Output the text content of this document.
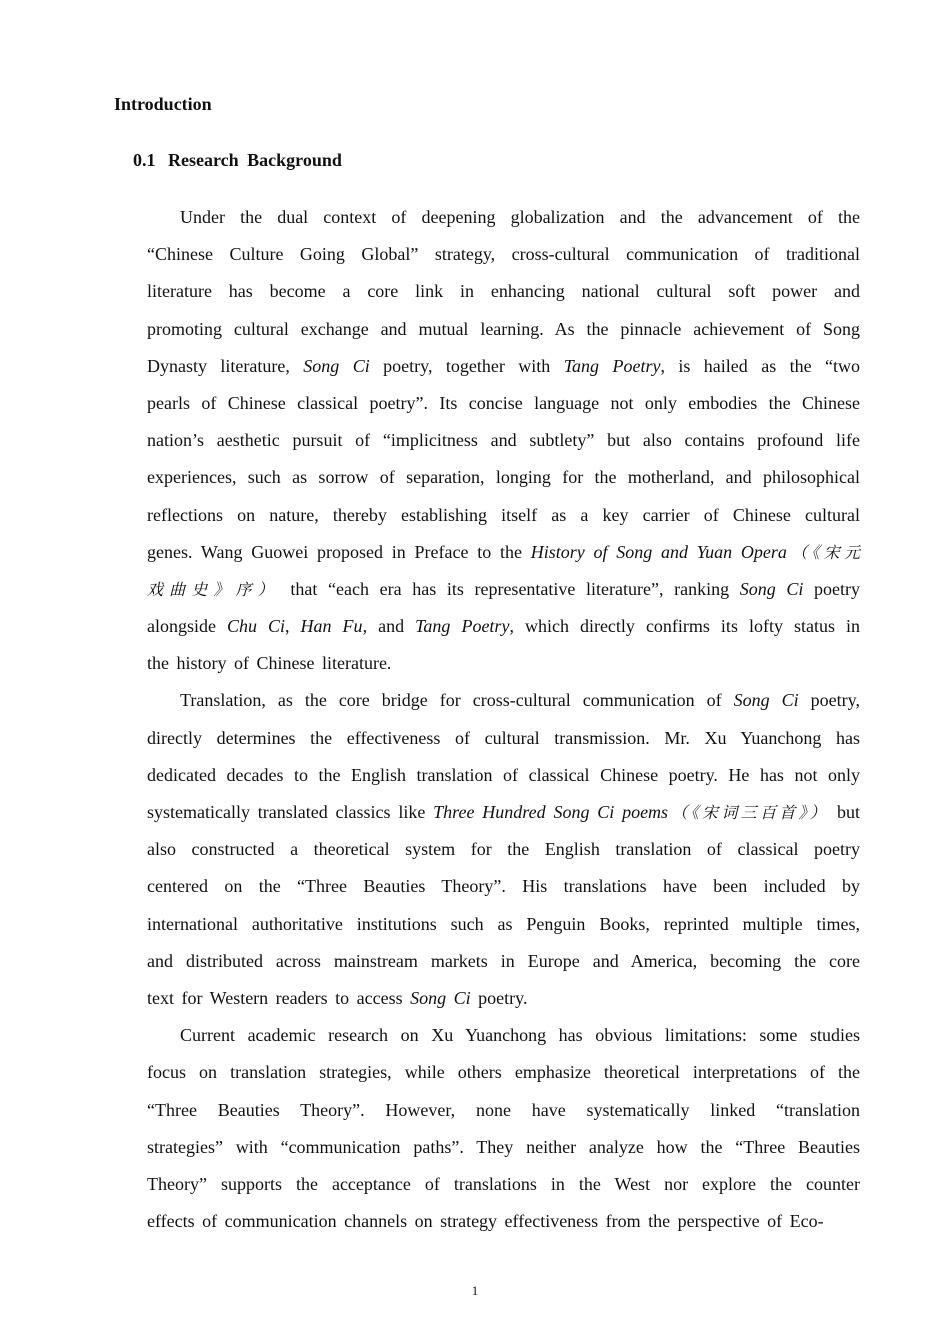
Introduction
0.1 Research Background
Under the dual context of deepening globalization and the advancement of the
“Chinese Culture Going Global” strategy, cross-cultural communication of traditional
literature has become a core link in enhancing national cultural soft power and
promoting cultural exchange and mutual learning. As the pinnacle achievement of Song
Dynasty literature, Song Ci poetry, together with Tang Poetry, is hailed as the “two
pearls of Chinese classical poetry”. Its concise language not only embodies the Chinese
nation’s aesthetic pursuit of “implicitness and subtlety” but also contains profound life
experiences, such as sorrow of separation, longing for the motherland, and philosophical
reflections on nature, thereby establishing itself as a key carrier of Chinese cultural
genes. Wang Guowei proposed in Preface to the History of Song and Yuan Opera（《宋元
戏曲史》序） that “each era has its representative literature”, ranking Song Ci poetry
alongside Chu Ci, Han Fu, and Tang Poetry, which directly confirms its lofty status in
the history of Chinese literature.
Translation, as the core bridge for cross-cultural communication of Song Ci poetry,
directly determines the effectiveness of cultural transmission. Mr. Xu Yuanchong has
dedicated decades to the English translation of classical Chinese poetry. He has not only
systematically translated classics like Three Hundred Song Ci poems（《宋词三百首》） but
also constructed a theoretical system for the English translation of classical poetry
centered on the “Three Beauties Theory”. His translations have been included by
international authoritative institutions such as Penguin Books, reprinted multiple times,
and distributed across mainstream markets in Europe and America, becoming the core
text for Western readers to access Song Ci poetry.
Current academic research on Xu Yuanchong has obvious limitations: some studies
focus on translation strategies, while others emphasize theoretical interpretations of the
“Three Beauties Theory”. However, none have systematically linked “translation
strategies” with “communication paths”. They neither analyze how the “Three Beauties
Theory” supports the acceptance of translations in the West nor explore the counter
effects of communication channels on strategy effectiveness from the perspective of Eco-
1
